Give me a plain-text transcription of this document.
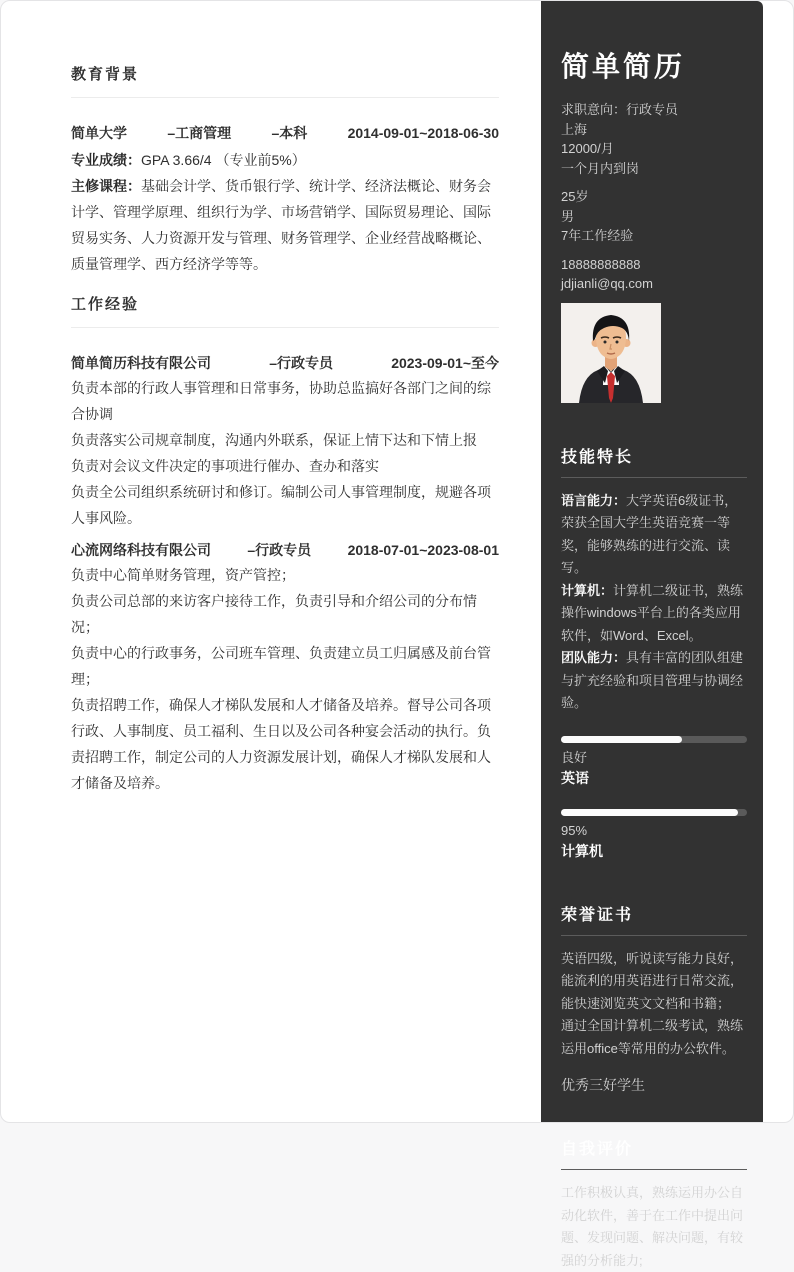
教育背景
简单大学	–工商管理	–本科	2014-09-01~2018-06-30

专业成绩：GPA 3.66/4 （专业前5%）

主修课程：基础会计学、货币银行学、统计学、经济法概论、财务会计学、管理学原理、组织行为学、市场营销学、国际贸易理论、国际贸易实务、人力资源开发与管理、财务管理学、企业经营战略概论、质量管理学、西方经济学等等。

工作经验
简单简历科技有限公司	–行政专员	2023-09-01~至今

负责本部的行政人事管理和日常事务，协助总监搞好各部门之间的综合协调

负责落实公司规章制度，沟通内外联系，保证上情下达和下情上报

负责对会议文件决定的事项进行催办、查办和落实

负责全公司组织系统研讨和修订。编制公司人事管理制度，规避各项人事风险。

心流网络科技有限公司	–行政专员	2018-07-01~2023-08-01

负责中心简单财务管理，资产管控；

负责公司总部的来访客户接待工作，负责引导和介绍公司的分布情况；

负责中心的行政事务，公司班车管理、负责建立员工归属感及前台管理；

负责招聘工作，确保人才梯队发展和人才储备及培养。督导公司各项行政、人事制度、员工福利、生日以及公司各种宴会活动的执行。负责招聘工作，制定公司的人力资源发展计划，确保人才梯队发展和人才储备及培养。

简单简历
求职意向：行政专员
上海
12000/月
一个月内到岗
25岁
男
7年工作经验
18888888888
jdjianli@qq.com
技能特长

语言能力：大学英语6级证书，荣获全国大学生英语竞赛一等奖，能够熟练的进行交流、读写。

计算机：计算机二级证书，熟练操作windows平台上的各类应用软件，如Word、Excel。

团队能力：具有丰富的团队组建与扩充经验和项目管理与协调经验。

良好
英语
95%
计算机
荣誉证书

英语四级，听说读写能力良好，能流利的用英语进行日常交流，能快速浏览英文文档和书籍；

通过全国计算机二级考试，熟练运用office等常用的办公软件。

优秀三好学生
自我评价

工作积极认真，熟练运用办公自动化软件，善于在工作中提出问题、发现问题、解决问题，有较强的分析能力;
